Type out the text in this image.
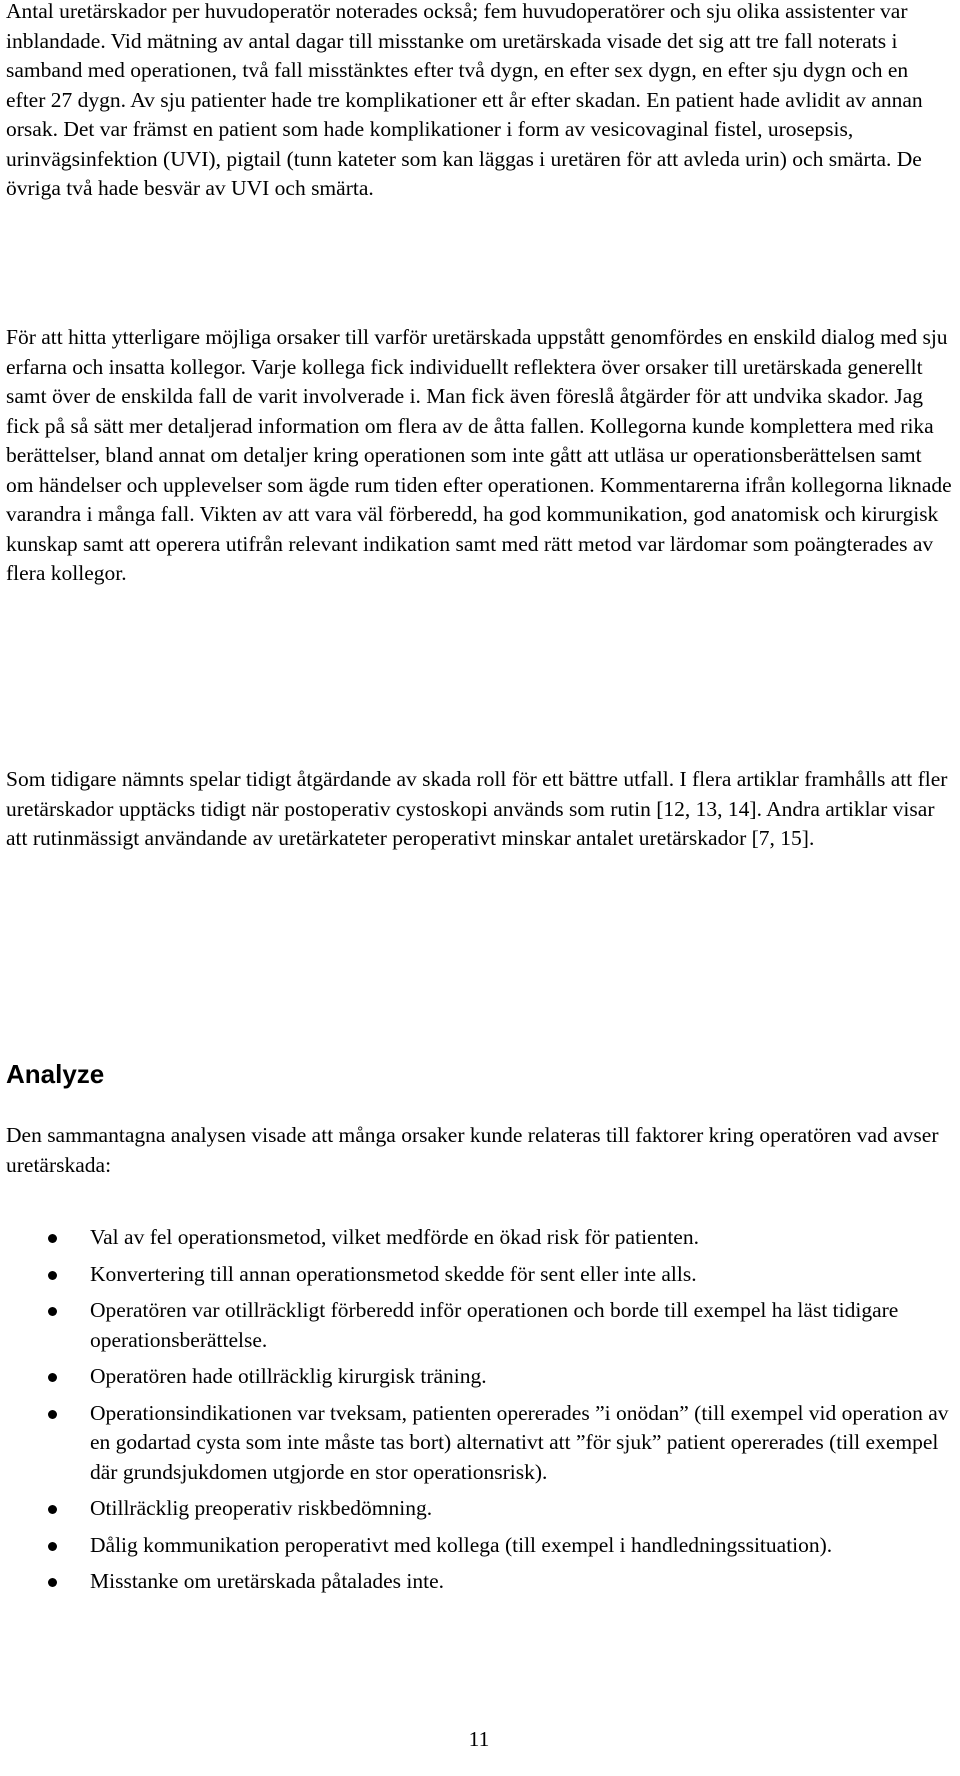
Antal uretärskador per huvudoperatör noterades också; fem huvudoperatörer och sju olika assistenter var inblandade. Vid mätning av antal dagar till misstanke om uretärskada visade det sig att tre fall noterats i samband med operationen, två fall misstänktes efter två dygn, en efter sex dygn, en efter sju dygn och en efter 27 dygn. Av sju patienter hade tre komplikationer ett år efter skadan. En patient hade avlidit av annan orsak. Det var främst en patient som hade komplikationer i form av vesicovaginal fistel, urosepsis, urinvägsinfektion (UVI), pigtail (tunn kateter som kan läggas i uretären för att avleda urin) och smärta. De övriga två hade besvär av UVI och smärta.

För att hitta ytterligare möjliga orsaker till varför uretärskada uppstått genomfördes en enskild dialog med sju erfarna och insatta kollegor. Varje kollega fick individuellt reflektera över orsaker till uretärskada generellt samt över de enskilda fall de varit involverade i. Man fick även föreslå åtgärder för att undvika skador. Jag fick på så sätt mer detaljerad information om flera av de åtta fallen. Kollegorna kunde komplettera med rika berättelser, bland annat om detaljer kring operationen som inte gått att utläsa ur operationsberättelsen samt om händelser och upplevelser som ägde rum tiden efter operationen. Kommentarerna ifrån kollegorna liknade varandra i många fall. Vikten av att vara väl förberedd, ha god kommunikation, god anatomisk och kirurgisk kunskap samt att operera utifrån relevant indikation samt med rätt metod var lärdomar som poängterades av flera kollegor.

Som tidigare nämnts spelar tidigt åtgärdande av skada roll för ett bättre utfall. I flera artiklar framhålls att fler uretärskador upptäcks tidigt när postoperativ cystoskopi används som rutin [12, 13, 14]. Andra artiklar visar att rutinmässigt användande av uretärkateter peroperativt minskar antalet uretärskador [7, 15].

Analyze

Den sammantagna analysen visade att många orsaker kunde relateras till faktorer kring operatören vad avser uretärskada:

Val av fel operationsmetod, vilket medförde en ökad risk för patienten.
Konvertering till annan operationsmetod skedde för sent eller inte alls.
Operatören var otillräckligt förberedd inför operationen och borde till exempel ha läst tidigare operationsberättelse.
Operatören hade otillräcklig kirurgisk träning.
Operationsindikationen var tveksam, patienten opererades ”i onödan” (till exempel vid operation av en godartad cysta som inte måste tas bort) alternativt att ”för sjuk” patient opererades (till exempel där grundsjukdomen utgjorde en stor operationsrisk).
Otillräcklig preoperativ riskbedömning.
Dålig kommunikation peroperativt med kollega (till exempel i handledningssituation).
Misstanke om uretärskada påtalades inte.
11
